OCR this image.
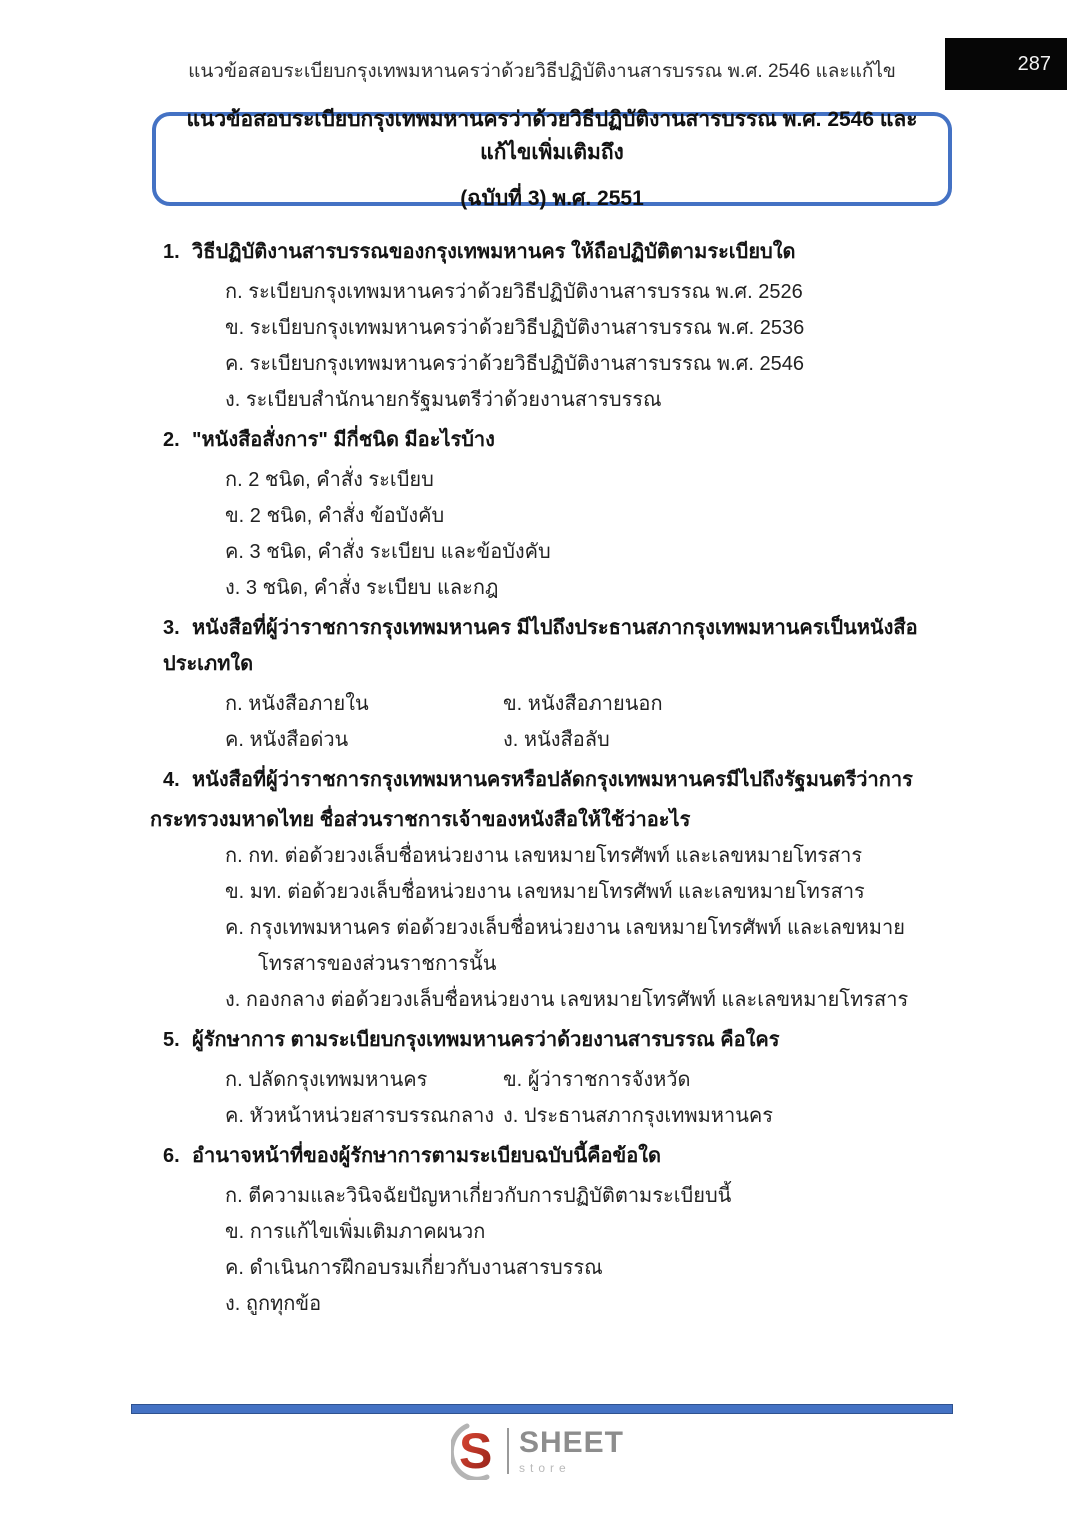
แนวข้อสอบระเบียบกรุงเทพมหานครว่าด้วยวิธีปฏิบัติงานสารบรรณ พ.ศ. 2546 และแก้ไข	287
แนวข้อสอบระเบียบกรุงเทพมหานครว่าด้วยวิธีปฏิบัติงานสารบรรณ พ.ศ. 2546 และแก้ไขเพิ่มเติมถึง
(ฉบับที่ 3) พ.ศ. 2551
1. วิธีปฏิบัติงานสารบรรณของกรุงเทพมหานคร ให้ถือปฏิบัติตามระเบียบใด
ก. ระเบียบกรุงเทพมหานครว่าด้วยวิธีปฏิบัติงานสารบรรณ พ.ศ. 2526
ข. ระเบียบกรุงเทพมหานครว่าด้วยวิธีปฏิบัติงานสารบรรณ พ.ศ. 2536
ค. ระเบียบกรุงเทพมหานครว่าด้วยวิธีปฏิบัติงานสารบรรณ พ.ศ. 2546
ง. ระเบียบสำนักนายกรัฐมนตรีว่าด้วยงานสารบรรณ
2. "หนังสือสั่งการ" มีกี่ชนิด มีอะไรบ้าง
ก. 2 ชนิด, คำสั่ง ระเบียบ
ข. 2 ชนิด, คำสั่ง ข้อบังคับ
ค. 3 ชนิด, คำสั่ง ระเบียบ และข้อบังคับ
ง. 3 ชนิด, คำสั่ง ระเบียบ และกฎ
3. หนังสือที่ผู้ว่าราชการกรุงเทพมหานคร มีไปถึงประธานสภากรุงเทพมหานครเป็นหนังสือประเภทใด
ก. หนังสือภายใน	ข. หนังสือภายนอก
ค. หนังสือด่วน	ง. หนังสือลับ
4. หนังสือที่ผู้ว่าราชการกรุงเทพมหานครหรือปลัดกรุงเทพมหานครมีไปถึงรัฐมนตรีว่าการ
กระทรวงมหาดไทย ชื่อส่วนราชการเจ้าของหนังสือให้ใช้ว่าอะไร
ก. กท. ต่อด้วยวงเล็บชื่อหน่วยงาน เลขหมายโทรศัพท์ และเลขหมายโทรสาร
ข. มท. ต่อด้วยวงเล็บชื่อหน่วยงาน เลขหมายโทรศัพท์ และเลขหมายโทรสาร
ค. กรุงเทพมหานคร ต่อด้วยวงเล็บชื่อหน่วยงาน เลขหมายโทรศัพท์ และเลขหมาย
โทรสารของส่วนราชการนั้น
ง. กองกลาง ต่อด้วยวงเล็บชื่อหน่วยงาน เลขหมายโทรศัพท์ และเลขหมายโทรสาร
5. ผู้รักษาการ ตามระเบียบกรุงเทพมหานครว่าด้วยงานสารบรรณ คือใคร
ก. ปลัดกรุงเทพมหานคร	ข. ผู้ว่าราชการจังหวัด
ค. หัวหน้าหน่วยสารบรรณกลาง ง. ประธานสภากรุงเทพมหานคร
6. อำนาจหน้าที่ของผู้รักษาการตามระเบียบฉบับนี้คือข้อใด
ก. ตีความและวินิจฉัยปัญหาเกี่ยวกับการปฏิบัติตามระเบียบนี้
ข. การแก้ไขเพิ่มเติมภาคผนวก
ค. ดำเนินการฝึกอบรมเกี่ยวกับงานสารบรรณ
ง. ถูกทุกข้อ
S SHEET
store
